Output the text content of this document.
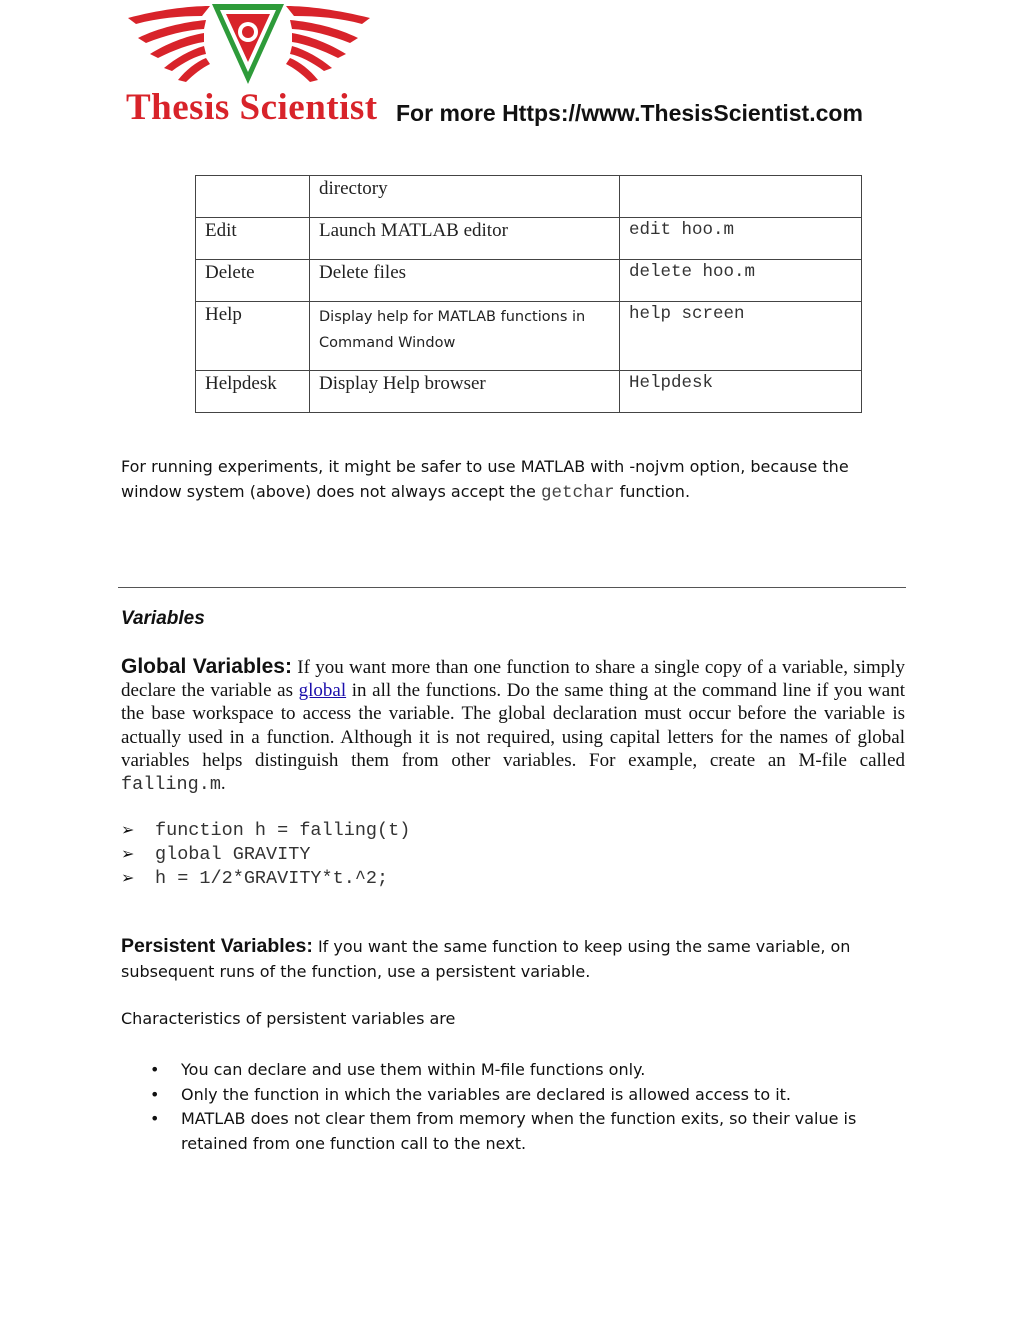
Thesis Scientist For more Https://www.ThesisScientist.com
	directory	
Edit	Launch MATLAB editor	edit hoo.m
Delete	Delete files	delete hoo.m
Help	Display help for MATLAB functions in Command Window	help screen
Helpdesk	Display Help browser	Helpdesk
For running experiments, it might be safer to use MATLAB with -nojvm option, because the window system (above) does not always accept the getchar function.
Variables
Global Variables: If you want more than one function to share a single copy of a variable, simply declare the variable as global in all the functions. Do the same thing at the command line if you want the base workspace to access the variable. The global declaration must occur before the variable is actually used in a function. Although it is not required, using capital letters for the names of global variables helps distinguish them from other variables. For example, create an M-file called falling.m.
➢ function h = falling(t)
➢ global GRAVITY
➢ h = 1/2*GRAVITY*t.^2;
Persistent Variables: If you want the same function to keep using the same variable, on subsequent runs of the function, use a persistent variable.
Characteristics of persistent variables are
• You can declare and use them within M-file functions only.
• Only the function in which the variables are declared is allowed access to it.
• MATLAB does not clear them from memory when the function exits, so their value is retained from one function call to the next.
